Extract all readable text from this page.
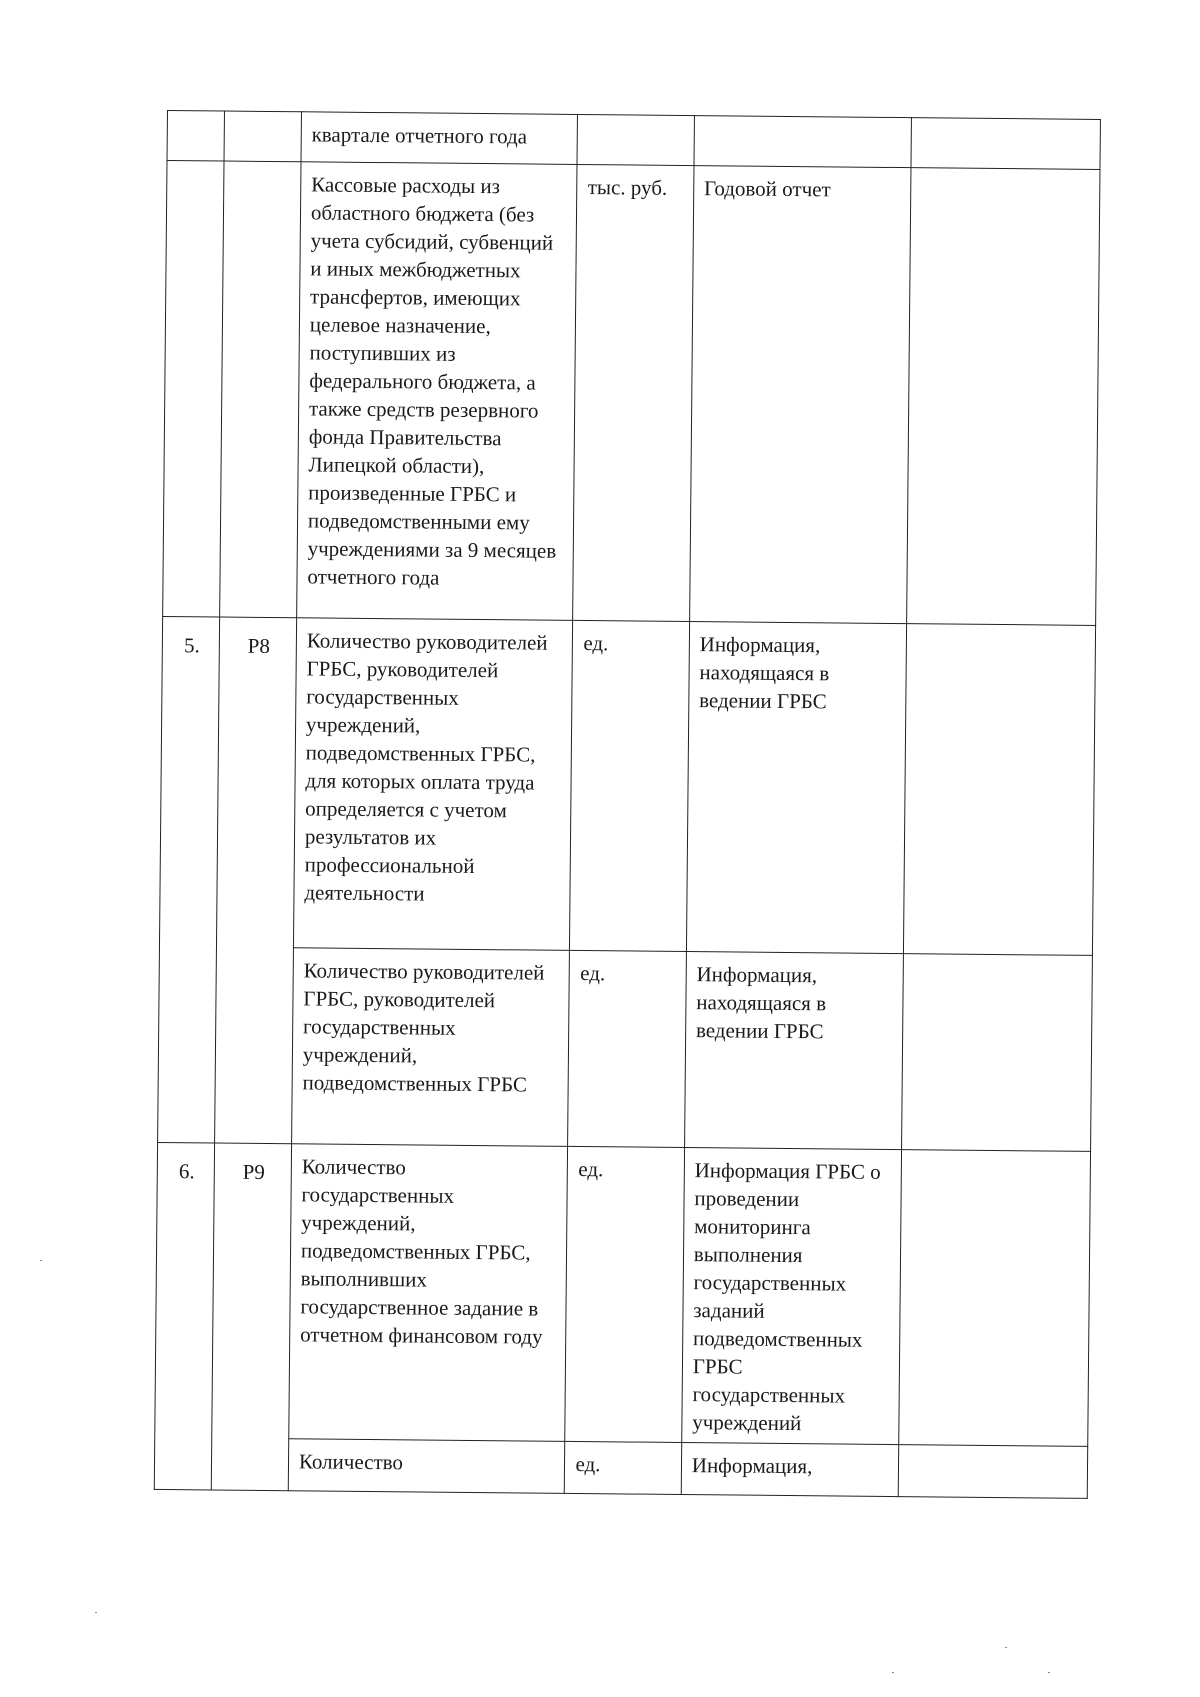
		квартале отчетного года			
		Кассовые расходы из областного бюджета (без учета субсидий, субвенций и иных межбюджетных трансфертов, имеющих целевое назначение, поступивших из федерального бюджета, а также средств резервного фонда Правительства Липецкой области), произведенные ГРБС и подведомственными ему учреждениями за 9 месяцев отчетного года	тыс. руб.	Годовой отчет	
5.	Р8	Количество руководителей ГРБС, руководителей государственных учреждений, подведомственных ГРБС, для которых оплата труда определяется с учетом результатов их профессиональной деятельности	ед.	Информация, находящаяся в ведении ГРБС	
		Количество руководителей ГРБС, руководителей государственных учреждений, подведомственных ГРБС	ед.	Информация, находящаяся в ведении ГРБС	
6.	Р9	Количество государственных учреждений, подведомственных ГРБС, выполнивших государственное задание в отчетном финансовом году	ед.	Информация ГРБС о проведении мониторинга выполнения государственных заданий подведомственных ГРБС государственных учреждений	
		Количество	ед.	Информация,	
